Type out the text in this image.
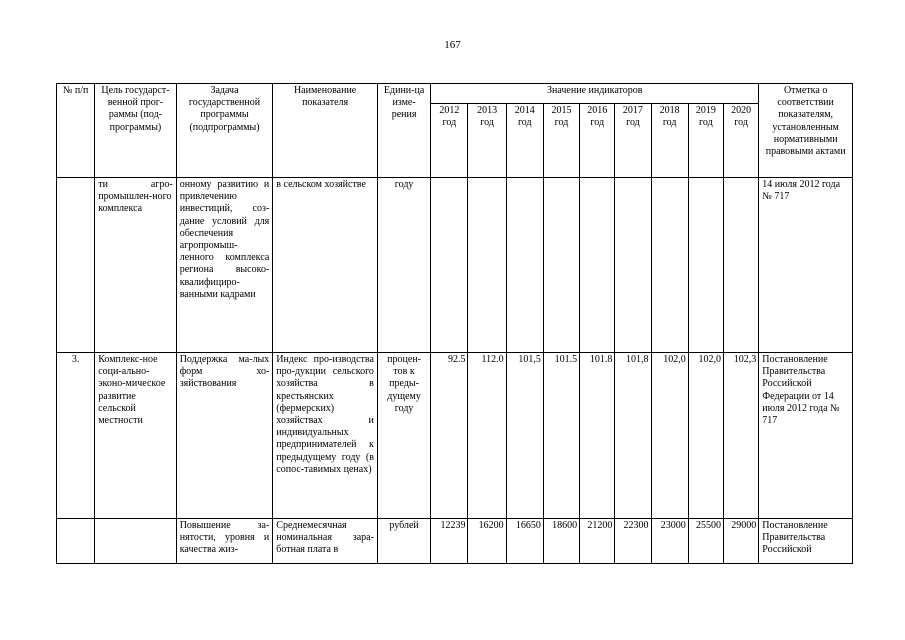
167
№ п/п	Цель государст-венной прог-раммы (под-программы)	Задача государственной программы (подпрограммы)	Наименование показателя	Едини-ца изме-рения	Значение индикаторов									Отметка о соответствии показателям, установленным нормативными правовыми актами
					2012 год	2013 год	2014 год	2015 год	2016 год	2017 год	2018 год	2019 год	2020 год	
	ти агро-промышлен-ного комплекса	онному развитию и привлечению инвестиций, соз-дание условий для обеспечения агропромыш-ленного комплекса региона высоко-квалифициро-ванными кадрами	в сельском хозяйстве	году										14 июля 2012 года № 717
3.	Комплекс-ное соци-ально-эконо-мическое развитие сельской местности	Поддержка ма-лых форм хо-зяйствования	Индекс про-изводства про-дукции сельского хозяйства в крестьянских (фермерских) хозяйствах и индивидуальных предпринимателей к предыдущему году (в сопос-тавимых ценах)	процен-тов к преды-дущему году	92.5	112.0	101,5	101.5	101.8	101,8	102,0	102,0	102,3	Постановление Правительства Российской Федерации от 14 июля 2012 года № 717
		Повышение за-нятости, уровня и качества жиз-	Среднемесячная номинальная зара-ботная плата в	рублей	12239	16200	16650	18600	21200	22300	23000	25500	29000	Постановление Правительства Российской
